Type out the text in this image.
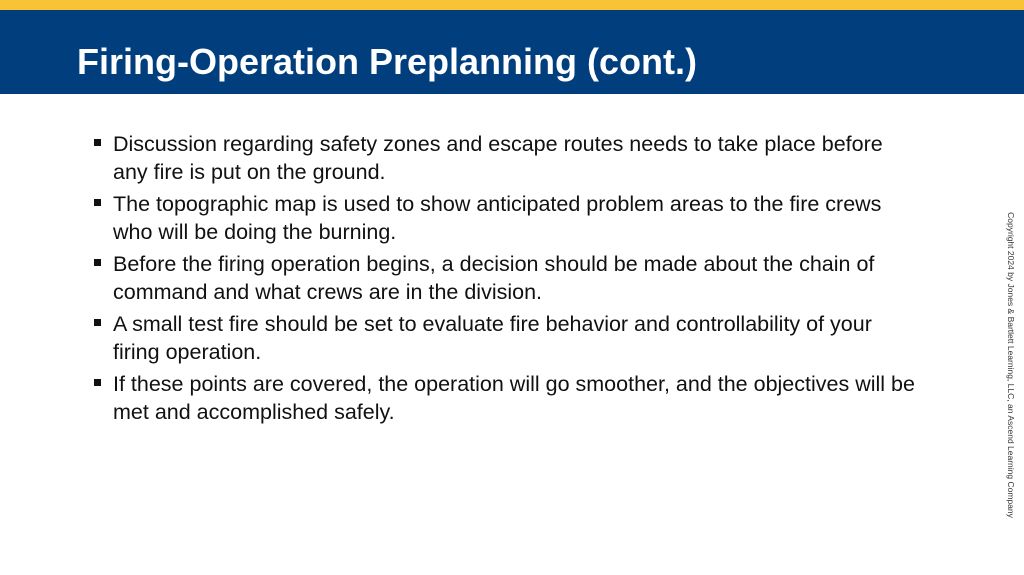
Firing-Operation Preplanning (cont.)
Discussion regarding safety zones and escape routes needs to take place before any fire is put on the ground.
The topographic map is used to show anticipated problem areas to the fire crews who will be doing the burning.
Before the firing operation begins, a decision should be made about the chain of command and what crews are in the division.
A small test fire should be set to evaluate fire behavior and controllability of your firing operation.
If these points are covered, the operation will go smoother, and the objectives will be met and accomplished safely.	Copyright 2024 by Jones & Bartlett Learning, LLC, an Ascend Learning Company
